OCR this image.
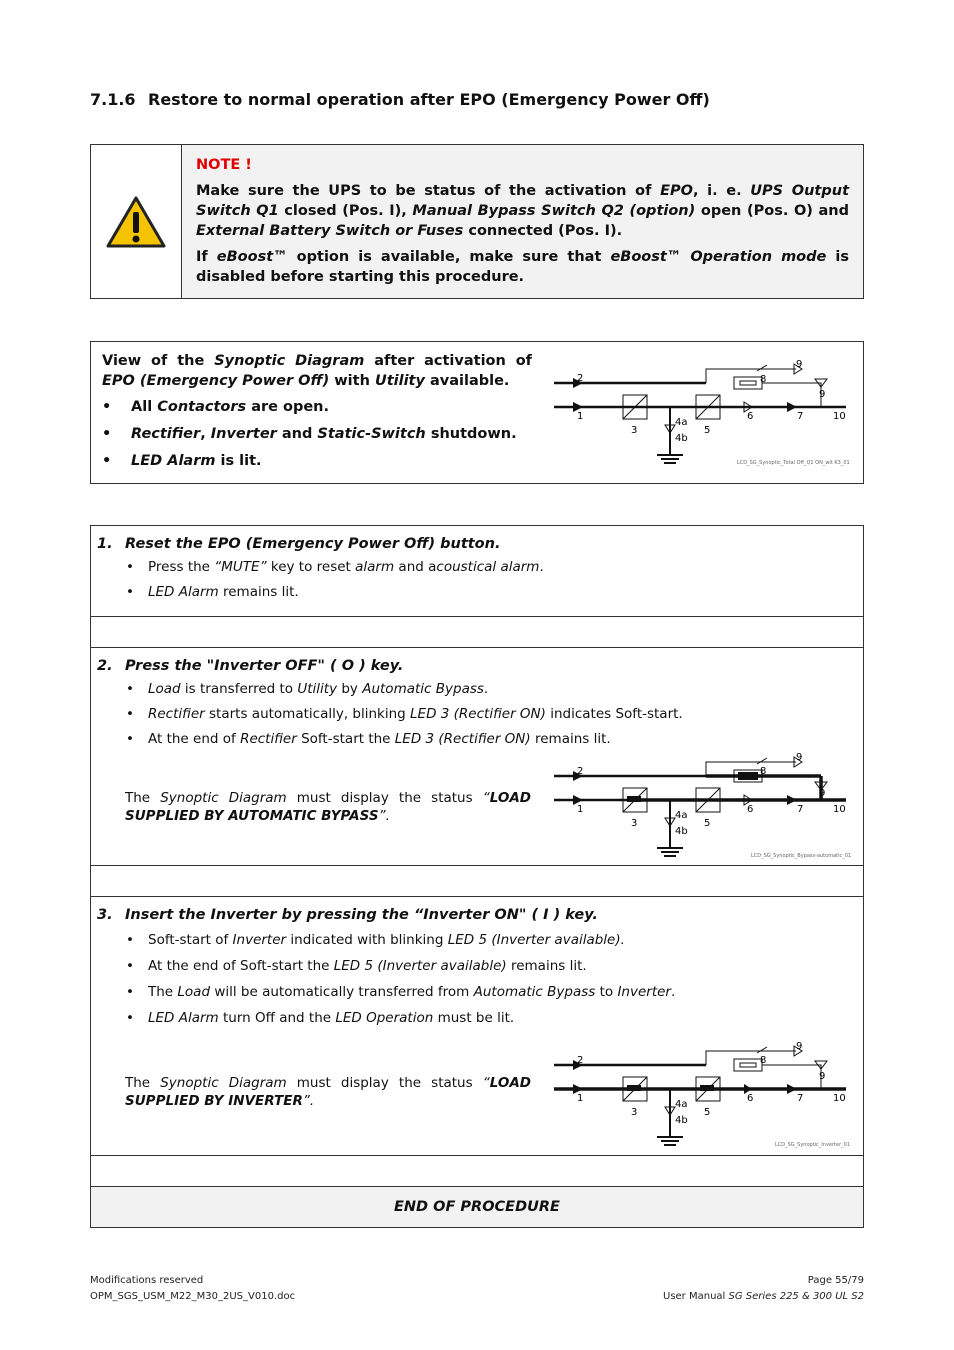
7.1.6 Restore to normal operation after EPO (Emergency Power Off)
NOTE !

Make sure the UPS to be status of the activation of EPO, i. e. UPS Output Switch Q1 closed (Pos. I), Manual Bypass Switch Q2 (option) open (Pos. O) and External Battery Switch or Fuses connected (Pos. I).

If eBoost™ option is available, make sure that eBoost™ Operation mode is disabled before starting this procedure.

View of the Synoptic Diagram after activation of EPO (Emergency Power Off) with Utility available.
• All Contactors are open.
• Rectifier, Inverter and Static-Switch shutdown.
• LED Alarm is lit.
1
2
3
4a
4b
5
6	7
8
9
9
10
LCD_SG_Synoptic_Total Off_Q1 ON_wit K3_01
1. Reset the EPO (Emergency Power Off) button.
• Press the “MUTE” key to reset alarm and acoustical alarm.
• LED Alarm remains lit.
2. Press the "Inverter OFF" ( O ) key.
• Load is transferred to Utility by Automatic Bypass.
• Rectifier starts automatically, blinking LED 3 (Rectifier ON) indicates Soft-start.
• At the end of Rectifier Soft-start the LED 3 (Rectifier ON) remains lit.
The Synoptic Diagram must display the status “LOAD SUPPLIED BY AUTOMATIC BYPASS”.	1
2
3
4a
4b
5
6	7
8
9
9
10
LCD_SG_Synoptic_Bypass-automatic_01
3. Insert the Inverter by pressing the “Inverter ON" ( I ) key.
• Soft-start of Inverter indicated with blinking LED 5 (Inverter available).
• At the end of Soft-start the LED 5 (Inverter available) remains lit.
• The Load will be automatically transferred from Automatic Bypass to Inverter.
• LED Alarm turn Off and the LED Operation must be lit.
The Synoptic Diagram must display the status “LOAD SUPPLIED BY INVERTER”.	1
2
3
4a
4b
5
6	7
8
9
9
10
LCD_SG_Synoptic_Inverter_01
END OF PROCEDURE
Modifications reserved
OPM_SGS_USM_M22_M30_2US_V010.doc
Page 55/79
User Manual SG Series 225 & 300 UL S2
